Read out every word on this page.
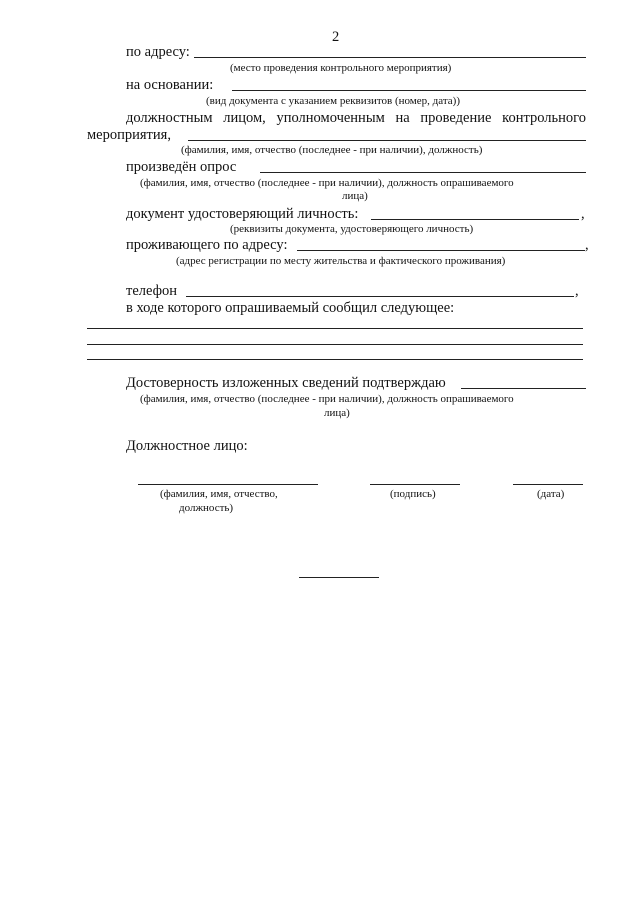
2
по адресу:
(место проведения контрольного мероприятия)
на основании:
(вид документа с указанием реквизитов (номер, дата))
должностным лицом, уполномоченным на проведение контрольного
мероприятия,
(фамилия, имя, отчество (последнее - при наличии), должность)
произведён опрос
(фамилия, имя, отчество (последнее - при наличии), должность опрашиваемого
лица)
документ удостоверяющий личность:	,
(реквизиты документа, удостоверяющего личность)
проживающего по адресу:	,
(адрес регистрации по месту жительства и фактического проживания)
телефон	,
в ходе которого опрашиваемый сообщил следующее:
Достоверность изложенных сведений подтверждаю
(фамилия, имя, отчество (последнее - при наличии), должность опрашиваемого
лица)
Должностное лицо:
(фамилия, имя, отчество,
должность)
(подпись)	(дата)
